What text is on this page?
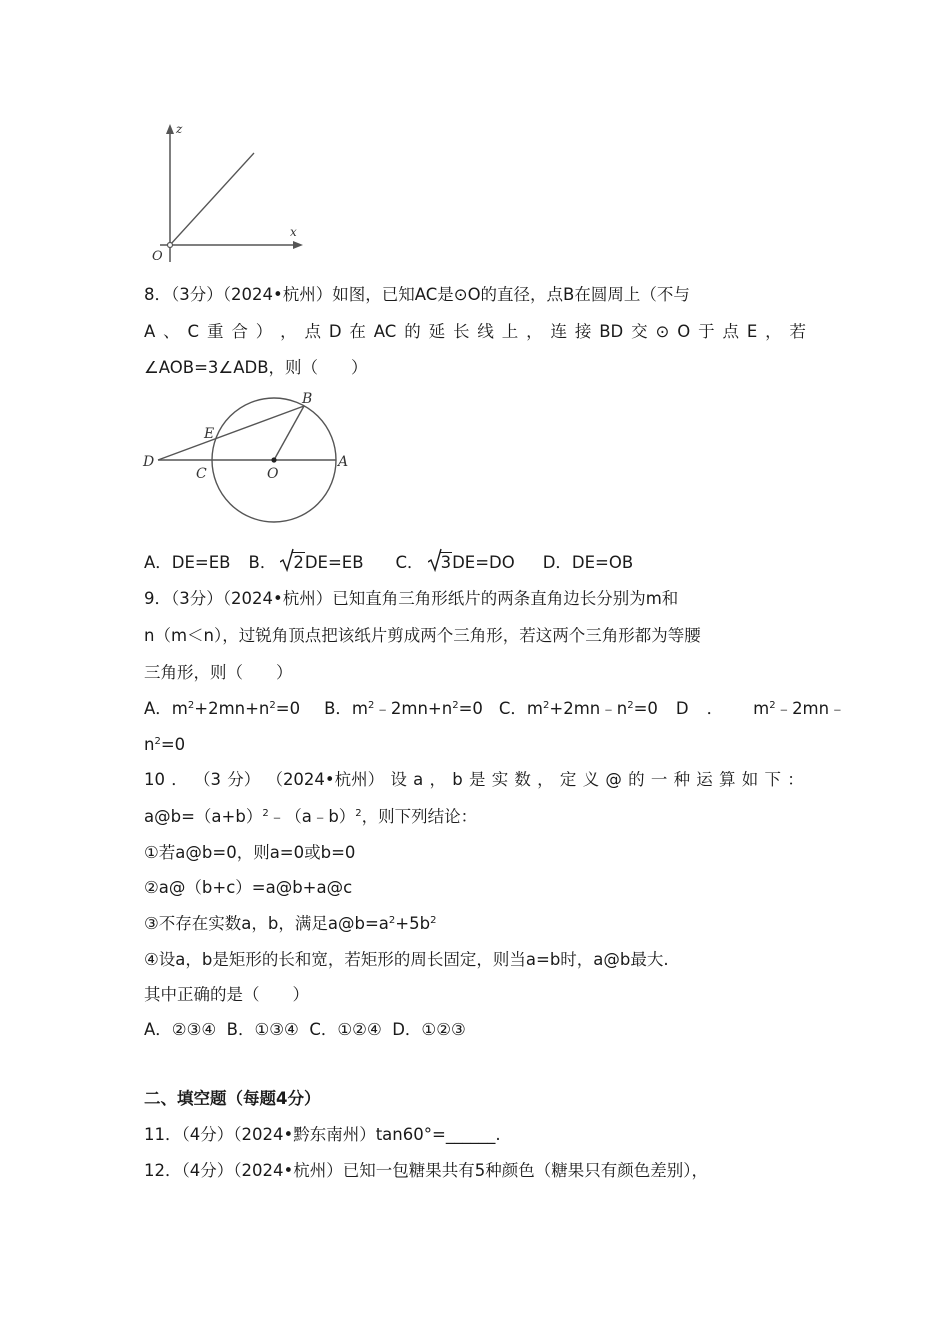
z
x
O
8．（3分）（2024•杭州）如图，已知AC是⊙O的直径，点B在圆周上（不与
A 、 C 重 合 ） ， 点 D 在 AC 的 延 长 线 上 ， 连 接 BD 交 ⊙ O 于 点 E ， 若
∠AOB=3∠ADB，则（　　）
B
E
D
C	O
A
A．DE=EB B． 2DE=EB C． 3DE=DO D．DE=OB
9．（3分）（2024•杭州）已知直角三角形纸片的两条直角边长分别为m和
n（m＜n），过锐角顶点把该纸片剪成两个三角形，若这两个三角形都为等腰
三角形，则（　　）
A．$m^2+2mn+n^2=0$ B．$m^2﹣2mn+n^2=0$ C．$m^2+2mn﹣n^2=0$ D ． $m^2﹣2mn﹣$
$n^2=0$
10 ． （3 分） （2024•杭州） 设 a ， b 是 实 数 ， 定 义 @ 的 一 种 运 算 如 下 ：
$a@b=(a+b)^2﹣(a﹣b)^2$，则下列结论：
①若a@b=0，则a=0或b=0
②a@（b+c）=a@b+a@c
③不存在实数a，b，满足$a@b=a^2+5b^2$
④设a，b是矩形的长和宽，若矩形的周长固定，则当a=b时，a@b最大.
其中正确的是（　　）
A．②③④  B．①③④  C．①②④  D．①②③
二、填空题（每题4分）
11．（4分）（2024•黔东南州）tan60°=______.
12．（4分）（2024•杭州）已知一包糖果共有5种颜色（糖果只有颜色差别），
